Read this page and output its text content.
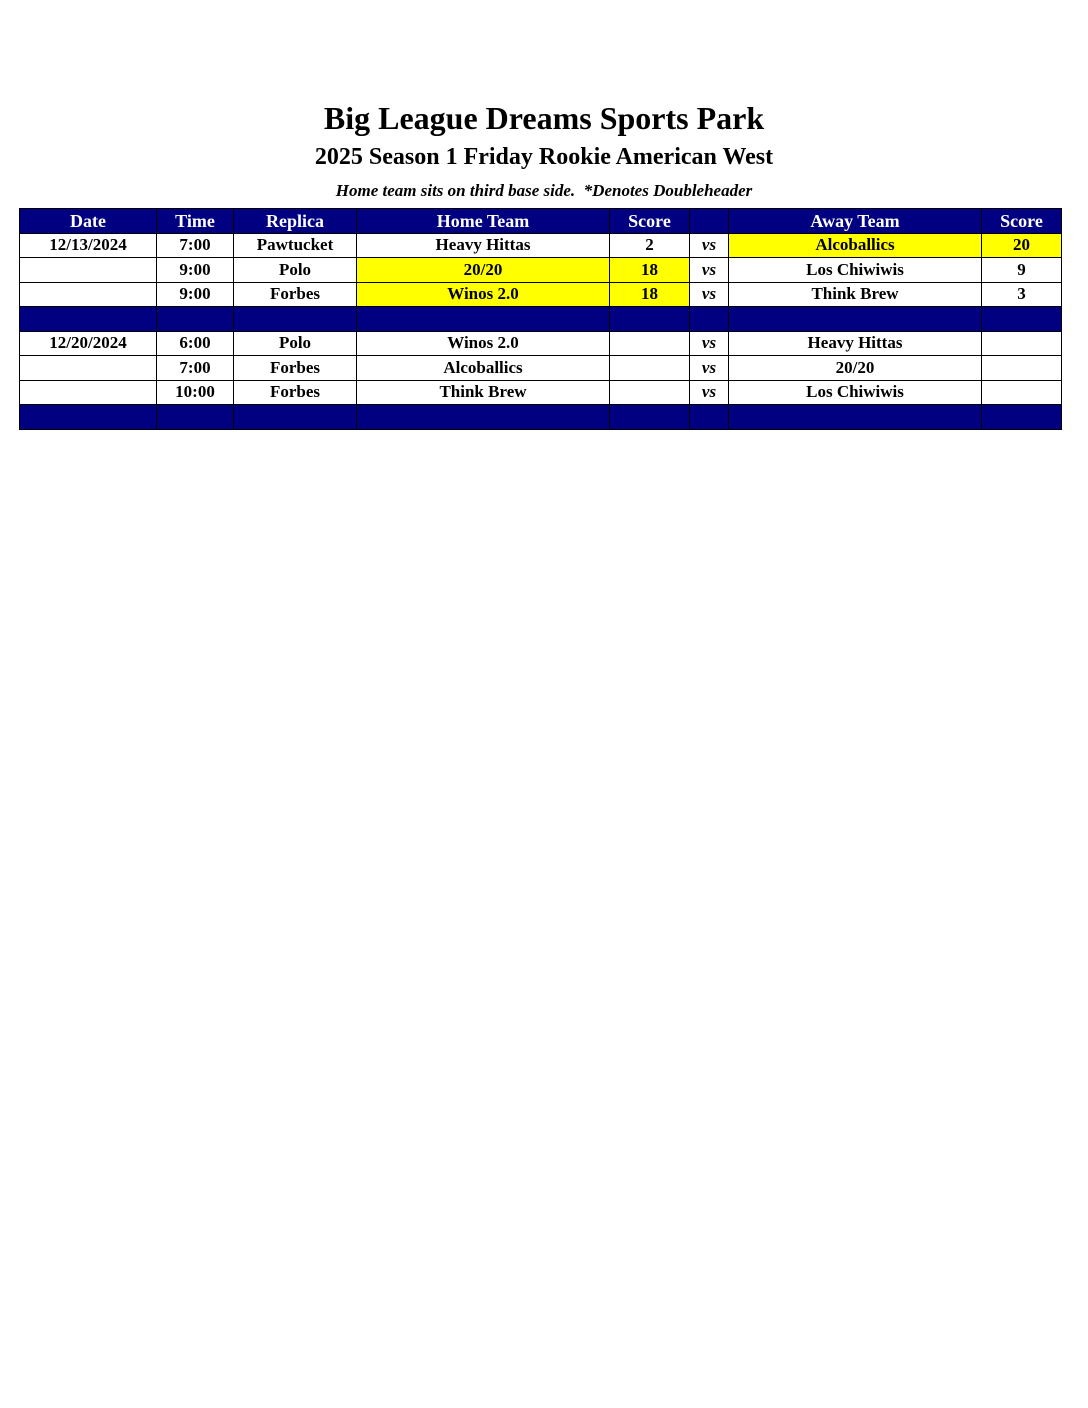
Big League Dreams Sports Park
2025 Season 1 Friday Rookie American West
Home team sits on third base side.  *Denotes Doubleheader
Date	Time	Replica	Home Team	Score		Away Team	Score
12/13/2024	7:00	Pawtucket	Heavy Hittas	2	vs	Alcoballics	20
	9:00	Polo	20/20	18	vs	Los Chiwiwis	9
	9:00	Forbes	Winos 2.0	18	vs	Think Brew	3

12/20/2024	6:00	Polo	Winos 2.0		vs	Heavy Hittas	
	7:00	Forbes	Alcoballics		vs	20/20	
	10:00	Forbes	Think Brew		vs	Los Chiwiwis	
